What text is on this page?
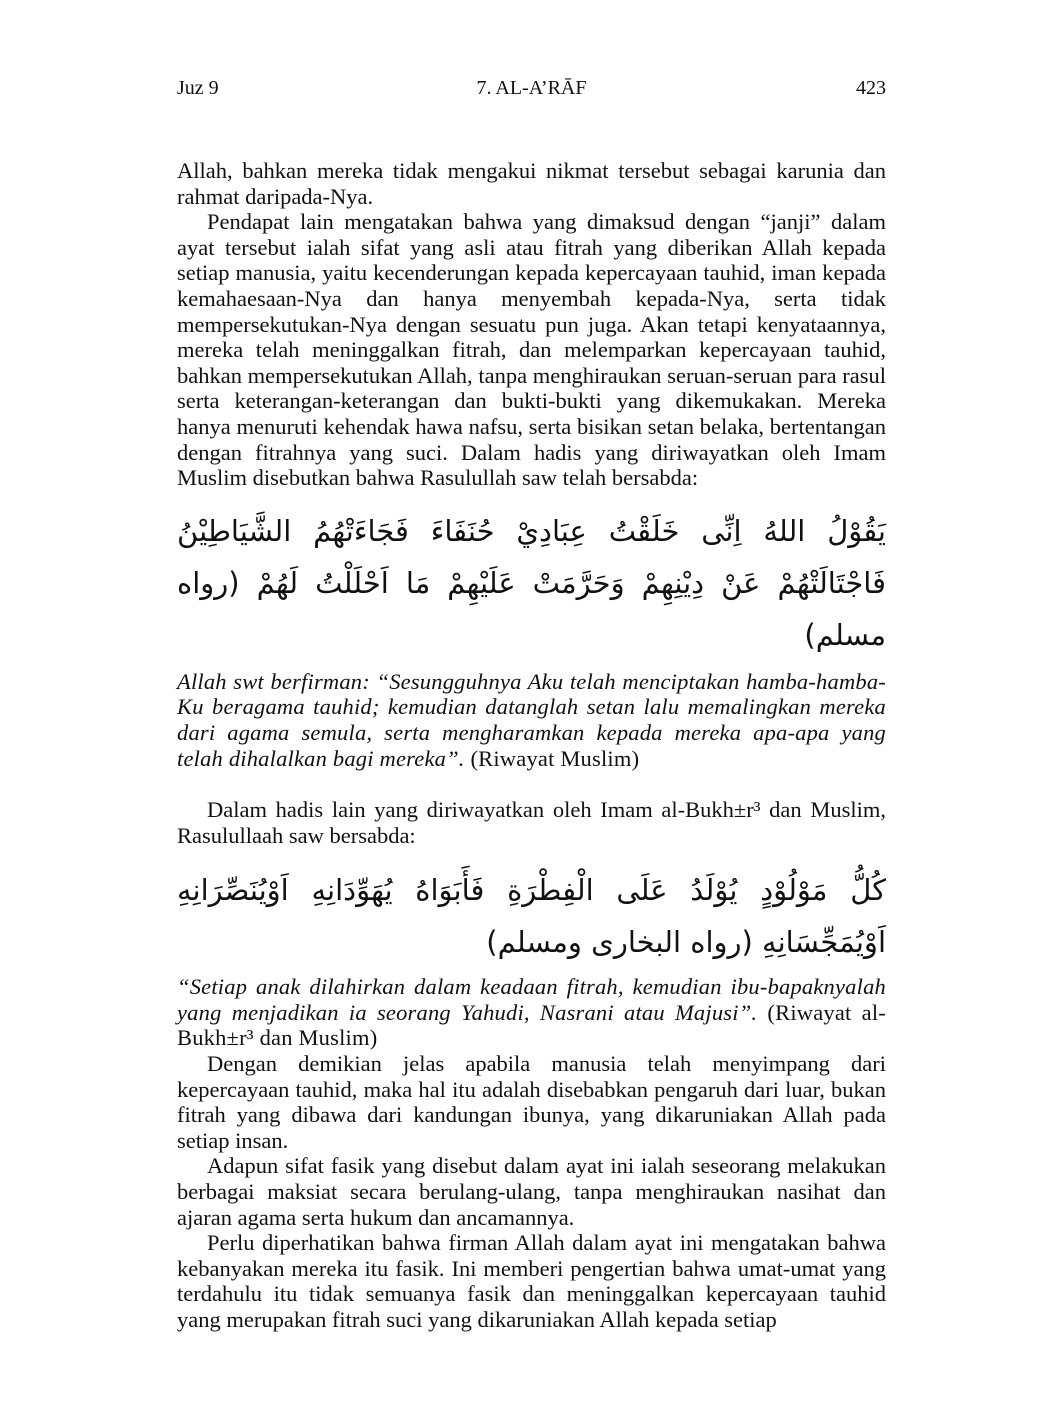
Juz 9	7. AL-A’RĀF	423

Allah, bahkan mereka tidak mengakui nikmat tersebut sebagai karunia dan rahmat daripada-Nya.

Pendapat lain mengatakan bahwa yang dimaksud dengan “janji” dalam ayat tersebut ialah sifat yang asli atau fitrah yang diberikan Allah kepada setiap manusia, yaitu kecenderungan kepada kepercayaan tauhid, iman kepada kemahaesaan-Nya dan hanya menyembah kepada-Nya, serta tidak mempersekutukan-Nya dengan sesuatu pun juga. Akan tetapi kenyataannya, mereka telah meninggalkan fitrah, dan melemparkan kepercayaan tauhid, bahkan mempersekutukan Allah, tanpa menghiraukan seruan-seruan para rasul serta keterangan-keterangan dan bukti-bukti yang dikemukakan. Mereka hanya menuruti kehendak hawa nafsu, serta bisikan setan belaka, bertentangan dengan fitrahnya yang suci. Dalam hadis yang diriwayatkan oleh Imam Muslim disebutkan bahwa Rasulullah saw telah bersabda:

يَقُوْلُ اللهُ اِنِّى خَلَقْتُ عِبَادِيْ حُنَفَاءَ فَجَاءَتْهُمُ الشَّيَاطِيْنُ فَاجْتَالَتْهُمْ عَنْ دِيْنِهِمْ وَحَرَّمَتْ عَلَيْهِمْ مَا اَحْلَلْتُ لَهُمْ (رواه مسلم)

Allah swt berfirman: “Sesungguhnya Aku telah menciptakan hamba-hamba-Ku beragama tauhid; kemudian datanglah setan lalu memalingkan mereka dari agama semula, serta mengharamkan kepada mereka apa-apa yang telah dihalalkan bagi mereka”. (Riwayat Muslim)

Dalam hadis lain yang diriwayatkan oleh Imam al-Bukh±r³ dan Muslim, Rasulullaah saw bersabda:

كُلُّ مَوْلُوْدٍ يُوْلَدُ عَلَى الْفِطْرَةِ فَأَبَوَاهُ يُهَوِّدَانِهِ اَوْيُنَصِّرَانِهِ اَوْيُمَجِّسَانِهِ (رواه البخارى ومسلم)

“Setiap anak dilahirkan dalam keadaan fitrah, kemudian ibu-bapaknyalah yang menjadikan ia seorang Yahudi, Nasrani atau Majusi”. (Riwayat al-Bukh±r³ dan Muslim)

Dengan demikian jelas apabila manusia telah menyimpang dari kepercayaan tauhid, maka hal itu adalah disebabkan pengaruh dari luar, bukan fitrah yang dibawa dari kandungan ibunya, yang dikaruniakan Allah pada setiap insan.

Adapun sifat fasik yang disebut dalam ayat ini ialah seseorang melakukan berbagai maksiat secara berulang-ulang, tanpa menghiraukan nasihat dan ajaran agama serta hukum dan ancamannya.

Perlu diperhatikan bahwa firman Allah dalam ayat ini mengatakan bahwa kebanyakan mereka itu fasik. Ini memberi pengertian bahwa umat-umat yang terdahulu itu tidak semuanya fasik dan meninggalkan kepercayaan tauhid yang merupakan fitrah suci yang dikaruniakan Allah kepada setiap
